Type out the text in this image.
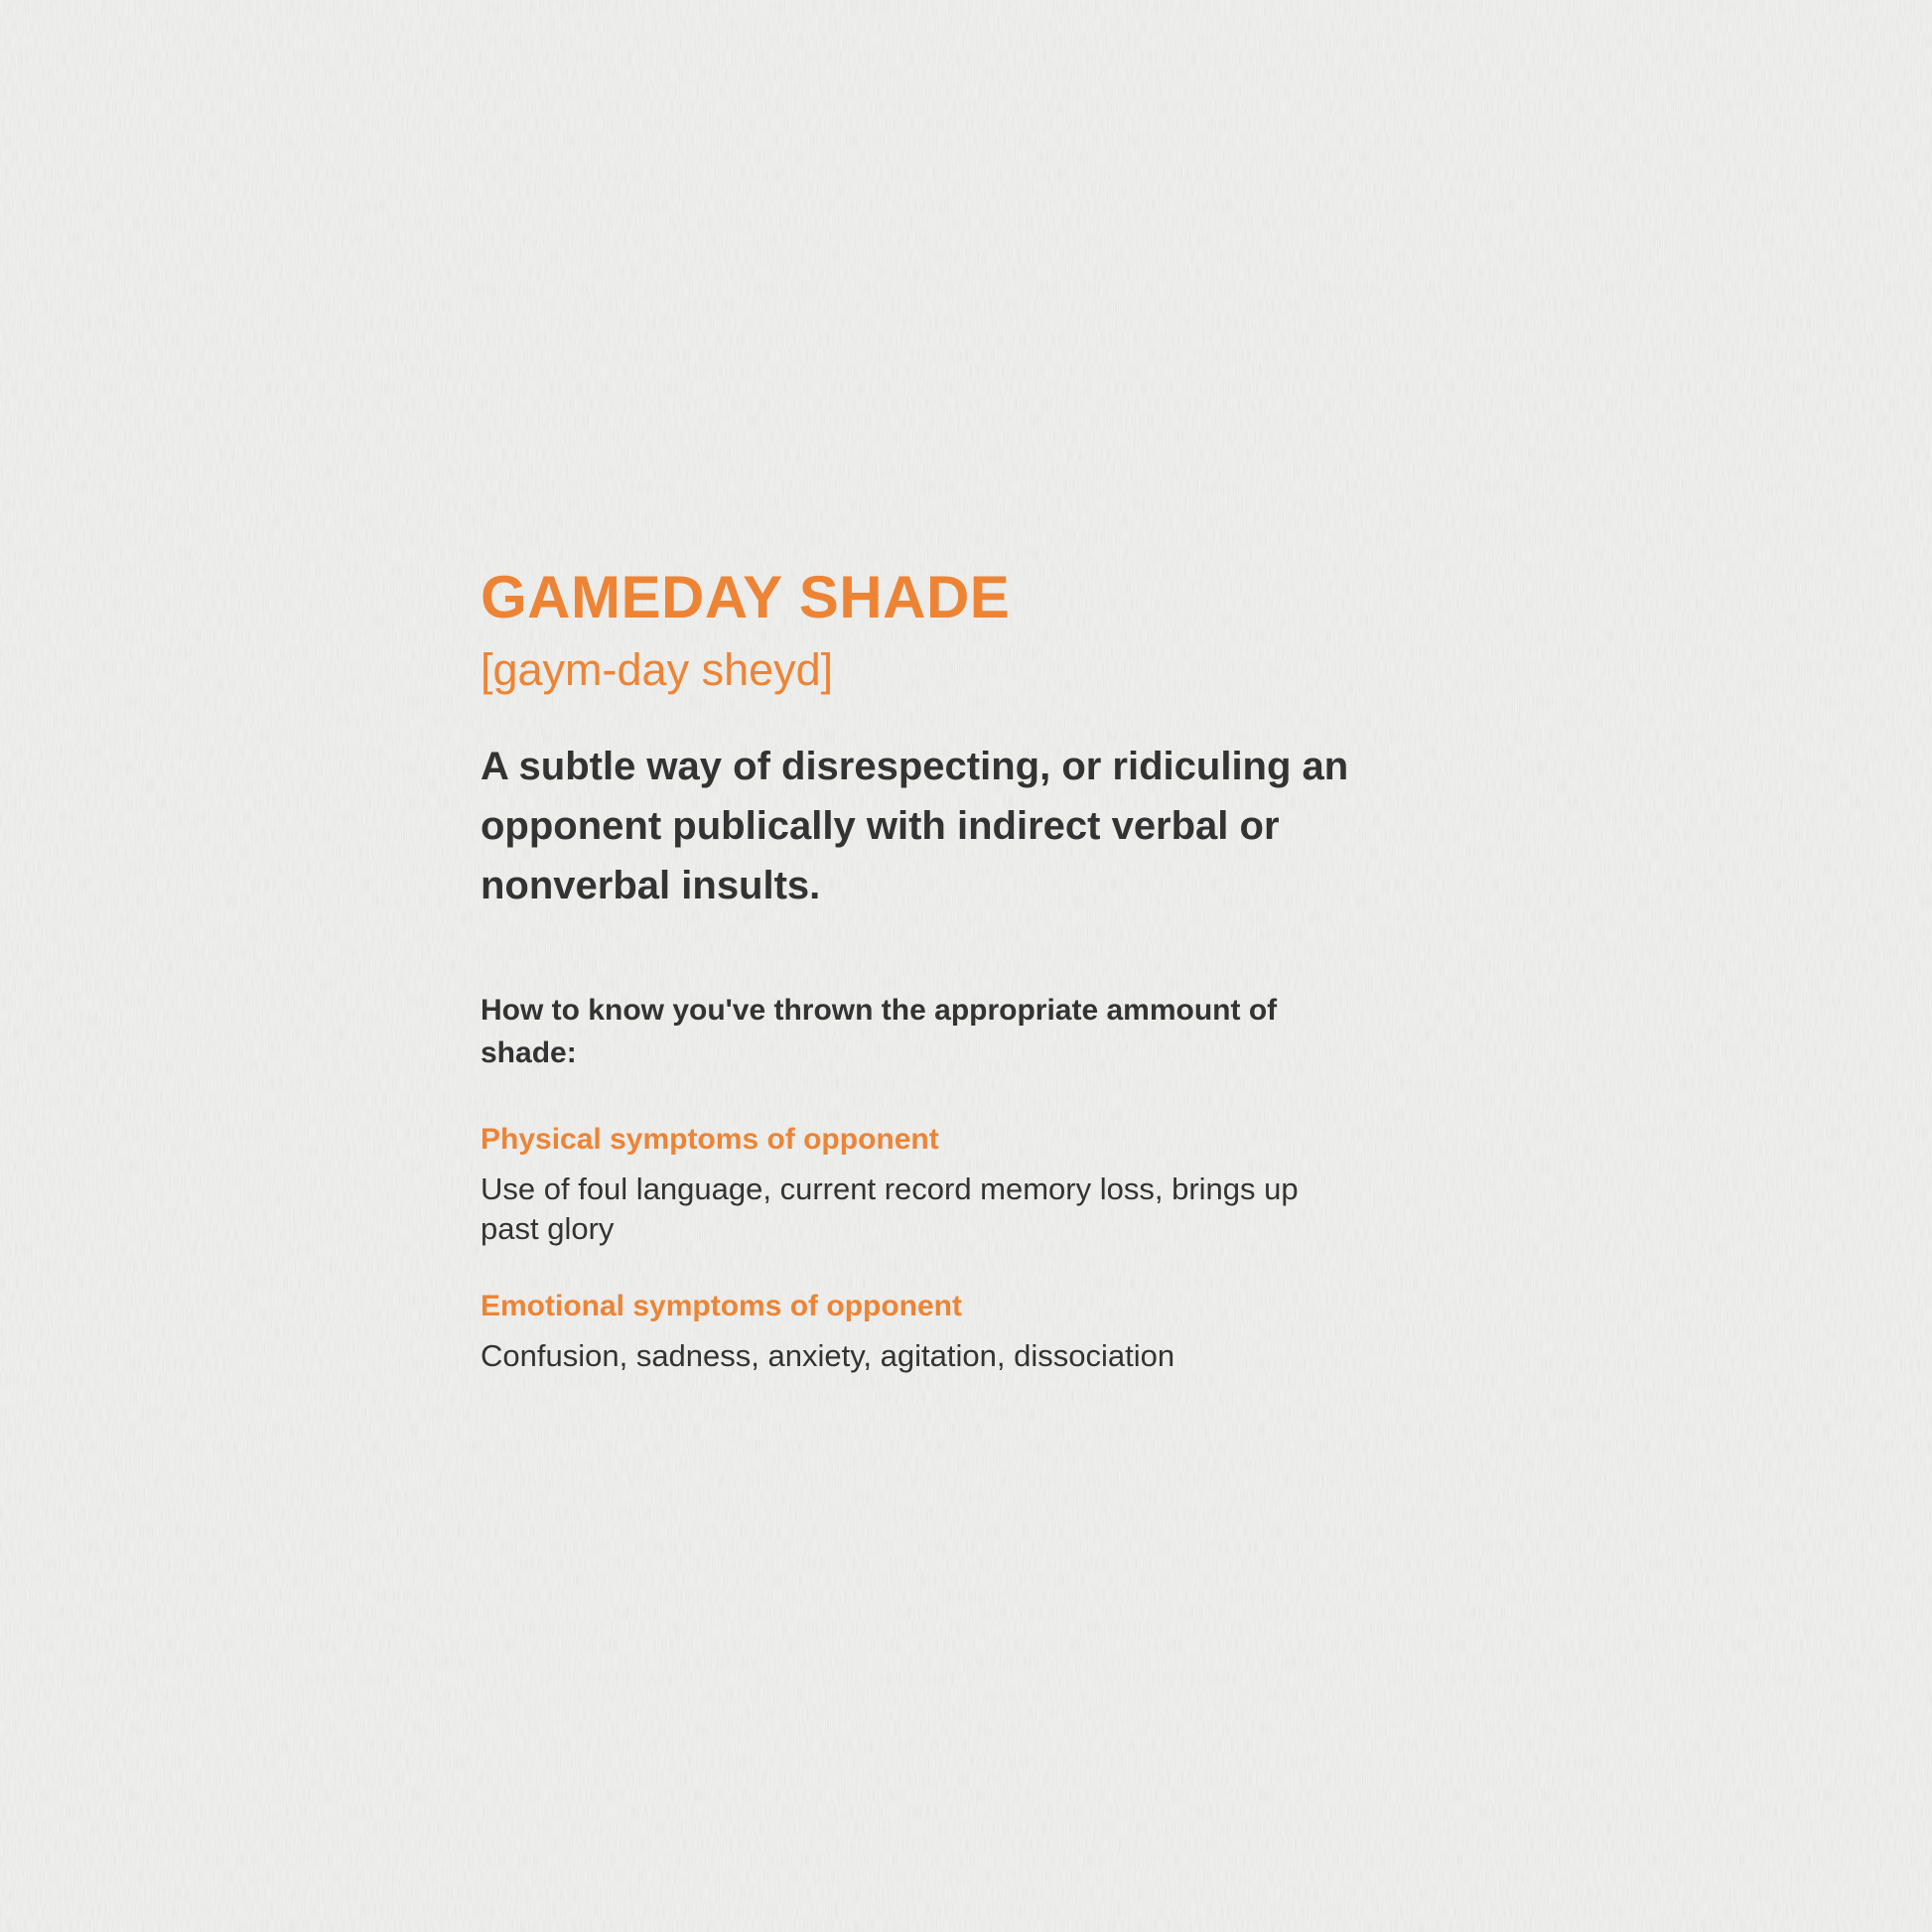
GAMEDAY SHADE

[gaym-day sheyd]

A subtle way of disrespecting, or ridiculing an opponent publically with indirect verbal or nonverbal insults.

How to know you've thrown the appropriate ammount of shade:

Physical symptoms of opponent

Use of foul language, current record memory loss, brings up past glory

Emotional symptoms of opponent

Confusion, sadness, anxiety, agitation, dissociation
